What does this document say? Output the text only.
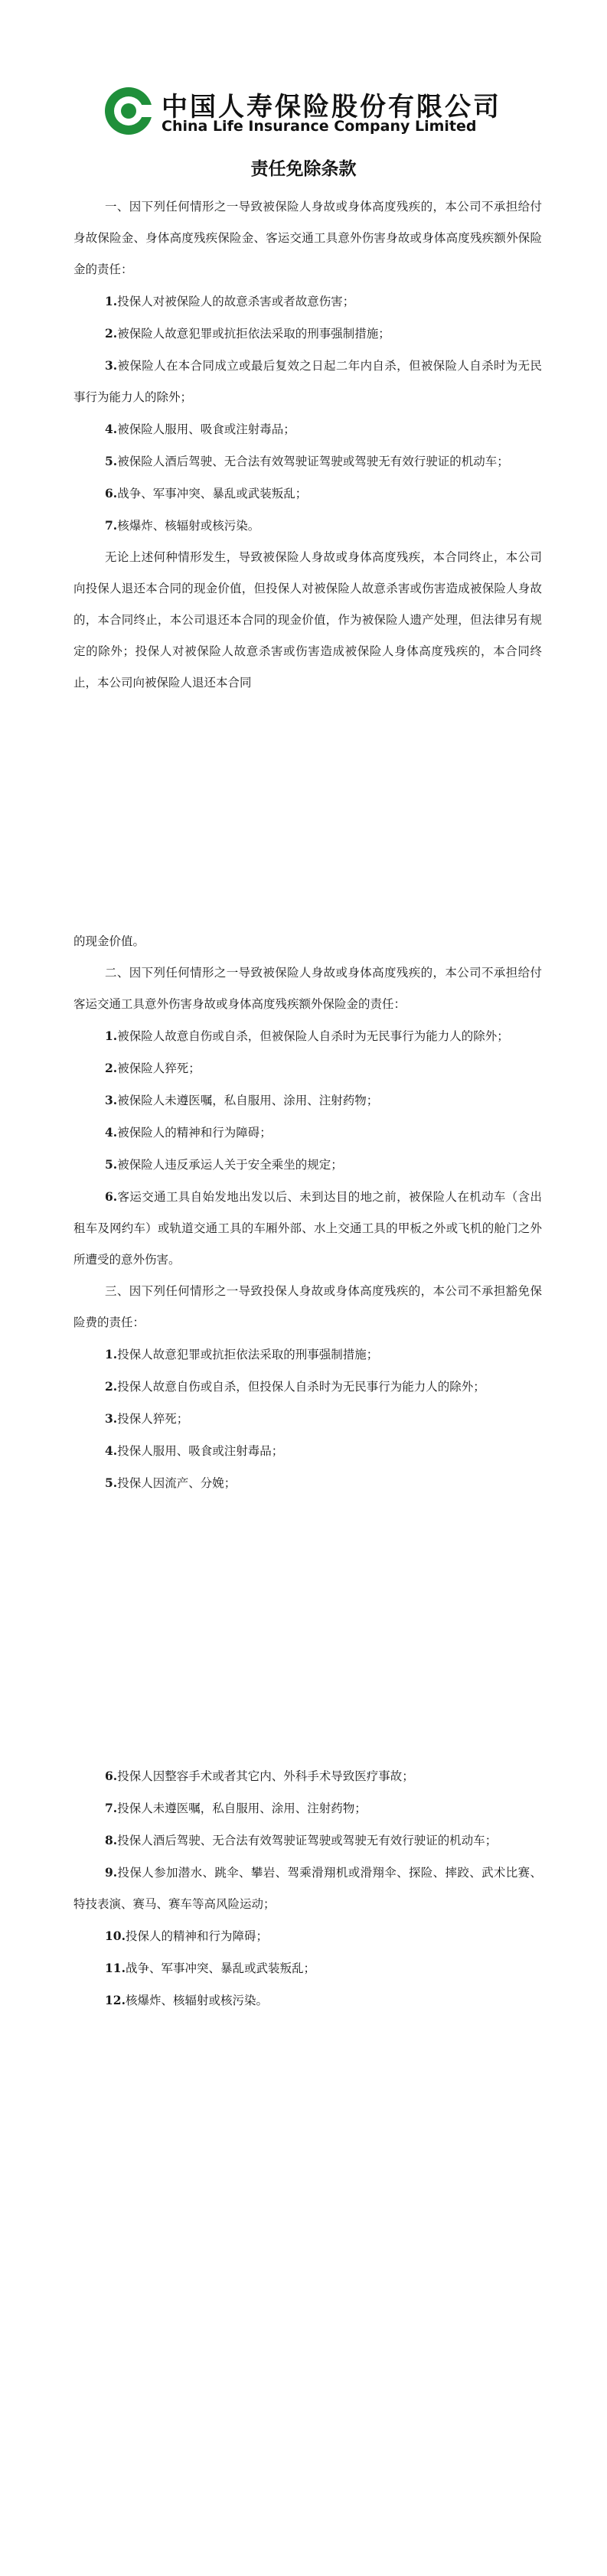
中国人寿保险股份有限公司
China Life Insurance Company Limited
责任免除条款

一、因下列任何情形之一导致被保险人身故或身体高度残疾的，本公司不承担给付身故保险金、身体高度残疾保险金、客运交通工具意外伤害身故或身体高度残疾额外保险金的责任：

1.投保人对被保险人的故意杀害或者故意伤害；

2.被保险人故意犯罪或抗拒依法采取的刑事强制措施；

3.被保险人在本合同成立或最后复效之日起二年内自杀，但被保险人自杀时为无民事行为能力人的除外；

4.被保险人服用、吸食或注射毒品；

5.被保险人酒后驾驶、无合法有效驾驶证驾驶或驾驶无有效行驶证的机动车；

6.战争、军事冲突、暴乱或武装叛乱；

7.核爆炸、核辐射或核污染。

无论上述何种情形发生，导致被保险人身故或身体高度残疾，本合同终止，本公司向投保人退还本合同的现金价值，但投保人对被保险人故意杀害或伤害造成被保险人身故的，本合同终止，本公司退还本合同的现金价值，作为被保险人遗产处理，但法律另有规定的除外；投保人对被保险人故意杀害或伤害造成被保险人身体高度残疾的，本合同终止，本公司向被保险人退还本合同

的现金价值。

二、因下列任何情形之一导致被保险人身故或身体高度残疾的，本公司不承担给付客运交通工具意外伤害身故或身体高度残疾额外保险金的责任：

1.被保险人故意自伤或自杀，但被保险人自杀时为无民事行为能力人的除外；

2.被保险人猝死；

3.被保险人未遵医嘱，私自服用、涂用、注射药物；

4.被保险人的精神和行为障碍；

5.被保险人违反承运人关于安全乘坐的规定；

6.客运交通工具自始发地出发以后、未到达目的地之前，被保险人在机动车（含出租车及网约车）或轨道交通工具的车厢外部、水上交通工具的甲板之外或飞机的舱门之外所遭受的意外伤害。

三、因下列任何情形之一导致投保人身故或身体高度残疾的，本公司不承担豁免保险费的责任：

1.投保人故意犯罪或抗拒依法采取的刑事强制措施；

2.投保人故意自伤或自杀，但投保人自杀时为无民事行为能力人的除外；

3.投保人猝死；

4.投保人服用、吸食或注射毒品；

5.投保人因流产、分娩；

6.投保人因整容手术或者其它内、外科手术导致医疗事故；

7.投保人未遵医嘱，私自服用、涂用、注射药物；

8.投保人酒后驾驶、无合法有效驾驶证驾驶或驾驶无有效行驶证的机动车；

9.投保人参加潜水、跳伞、攀岩、驾乘滑翔机或滑翔伞、探险、摔跤、武术比赛、特技表演、赛马、赛车等高风险运动；

10.投保人的精神和行为障碍；

11.战争、军事冲突、暴乱或武装叛乱；

12.核爆炸、核辐射或核污染。
